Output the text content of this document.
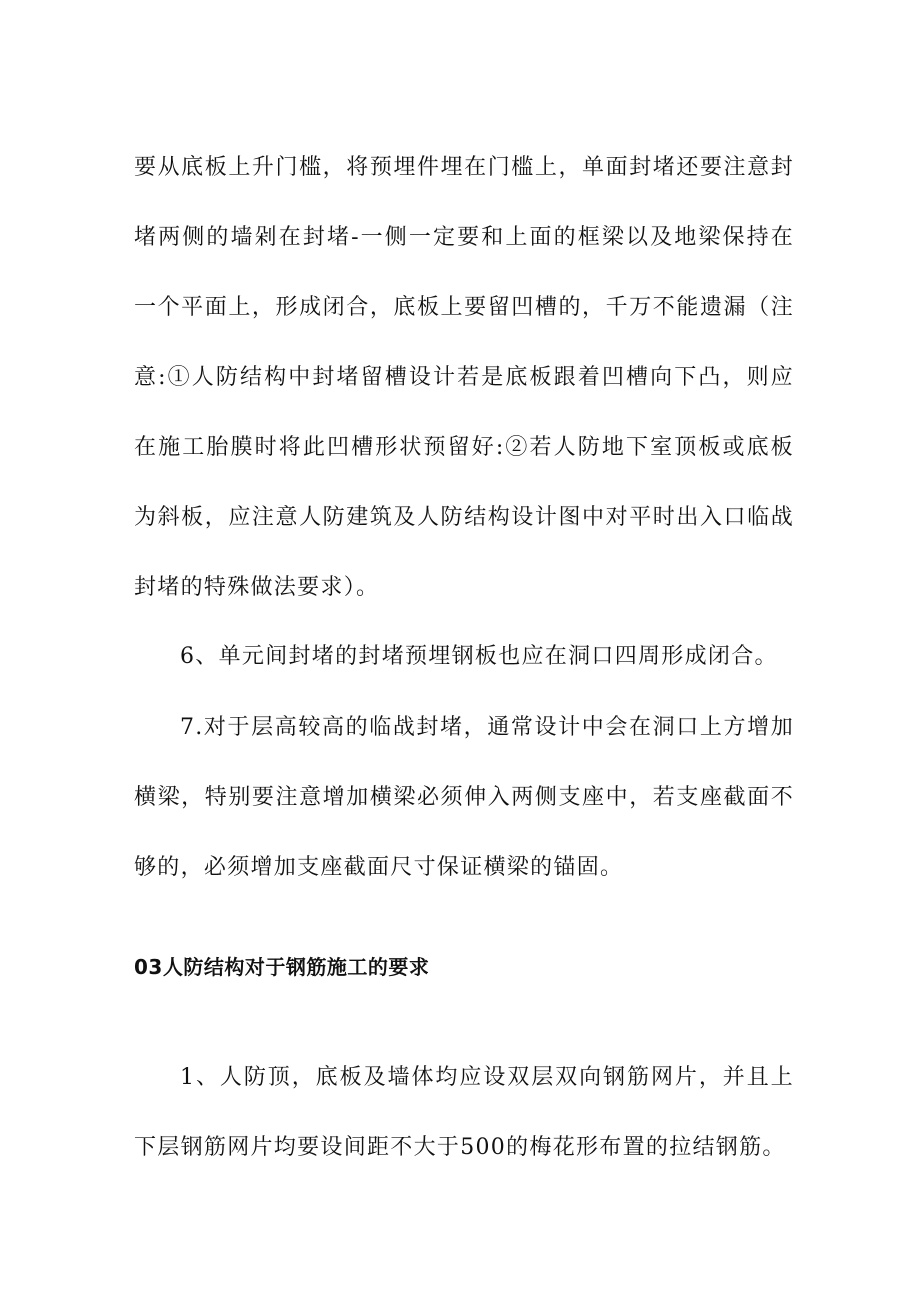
要从底板上升门槛，将预埋件埋在门槛上，单面封堵还要注意封堵两侧的墙剁在封堵-一侧一定要和上面的框梁以及地梁保持在一个平面上，形成闭合，底板上要留凹槽的，千万不能遗漏（注意:①人防结构中封堵留槽设计若是底板跟着凹槽向下凸，则应在施工胎膜时将此凹槽形状预留好:②若人防地下室顶板或底板为斜板，应注意人防建筑及人防结构设计图中对平时出入口临战封堵的特殊做法要求）。

6、单元间封堵的封堵预埋钢板也应在洞口四周形成闭合。

7.对于层高较高的临战封堵，通常设计中会在洞口上方增加横梁，特别要注意增加横梁必须伸入两侧支座中，若支座截面不够的，必须增加支座截面尺寸保证横梁的锚固。

03人防结构对于钢筋施工的要求

1、人防顶，底板及墙体均应设双层双向钢筋网片，并且上下层钢筋网片均要设间距不大于500的梅花形布置的拉结钢筋。
